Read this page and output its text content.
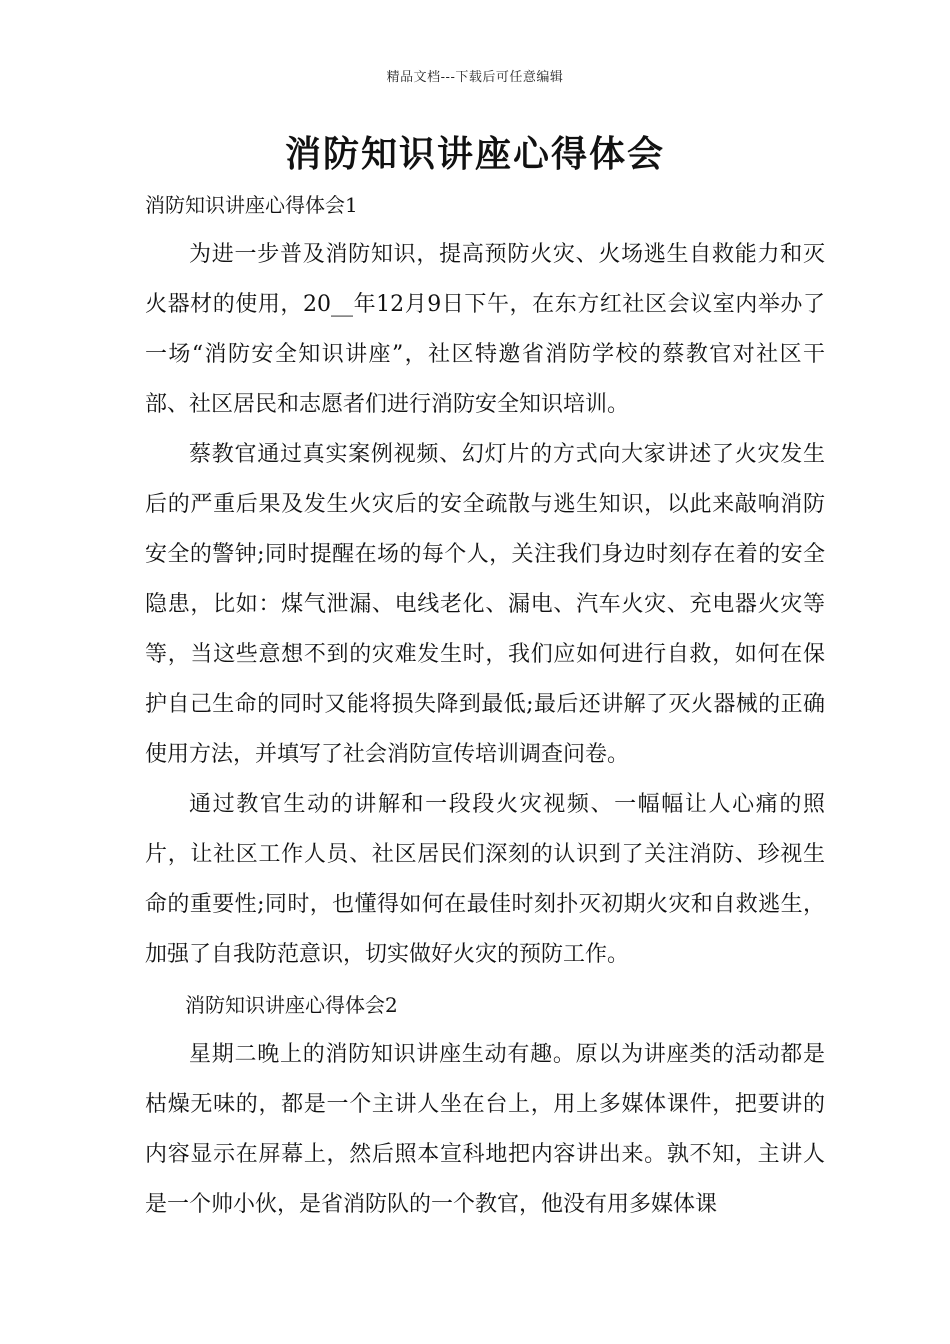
精品文档---下载后可任意编辑
消防知识讲座心得体会

消防知识讲座心得体会1

为进一步普及消防知识，提高预防火灾、火场逃生自救能力和灭火器材的使用，20__年12月9日下午，在东方红社区会议室内举办了一场“消防安全知识讲座”，社区特邀省消防学校的蔡教官对社区干部、社区居民和志愿者们进行消防安全知识培训。

蔡教官通过真实案例视频、幻灯片的方式向大家讲述了火灾发生后的严重后果及发生火灾后的安全疏散与逃生知识，以此来敲响消防安全的警钟;同时提醒在场的每个人，关注我们身边时刻存在着的安全隐患，比如：煤气泄漏、电线老化、漏电、汽车火灾、充电器火灾等等，当这些意想不到的灾难发生时，我们应如何进行自救，如何在保护自己生命的同时又能将损失降到最低;最后还讲解了灭火器械的正确使用方法，并填写了社会消防宣传培训调查问卷。

通过教官生动的讲解和一段段火灾视频、一幅幅让人心痛的照片，让社区工作人员、社区居民们深刻的认识到了关注消防、珍视生命的重要性;同时，也懂得如何在最佳时刻扑灭初期火灾和自救逃生，加强了自我防范意识，切实做好火灾的预防工作。

消防知识讲座心得体会2

星期二晚上的消防知识讲座生动有趣。原以为讲座类的活动都是枯燥无味的，都是一个主讲人坐在台上，用上多媒体课件，把要讲的内容显示在屏幕上，然后照本宣科地把内容讲出来。孰不知，主讲人是一个帅小伙，是省消防队的一个教官，他没有用多媒体课
